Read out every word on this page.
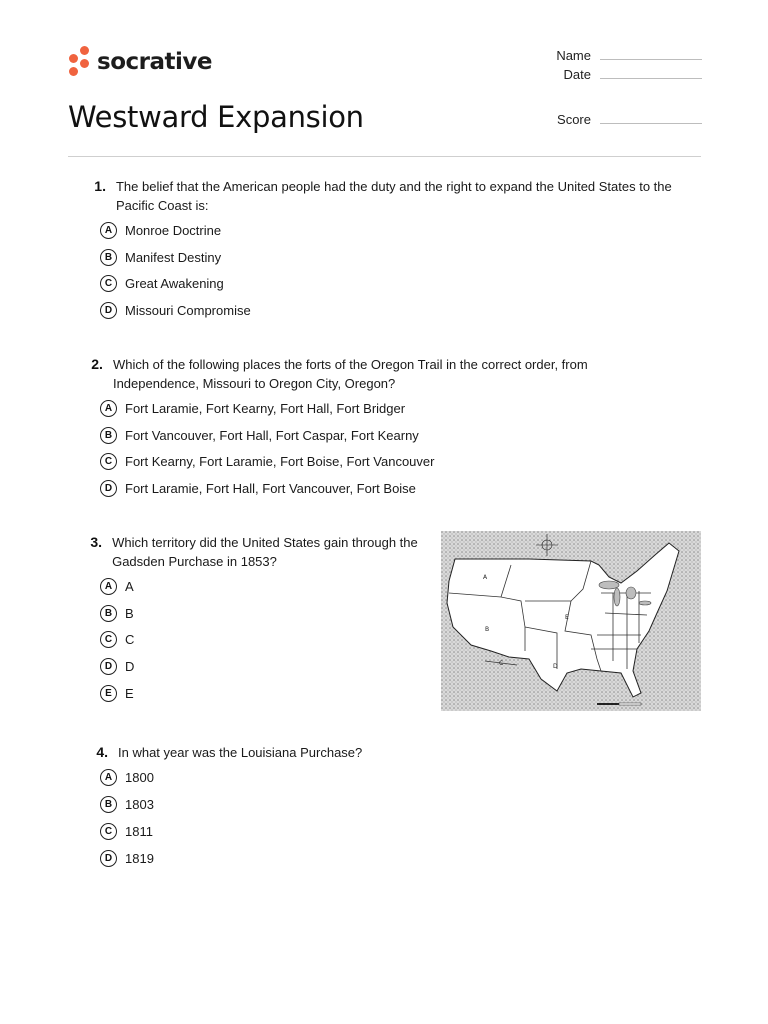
socrative	Name
Date
Score
Westward Expansion
1. The belief that the American people had the duty and the right to expand the United States to the Pacific Coast is:
A Monroe Doctrine
B Manifest Destiny
C Great Awakening
D Missouri Compromise
2. Which of the following places the forts of the Oregon Trail in the correct order, from Independence, Missouri to Oregon City, Oregon?
A Fort Laramie, Fort Kearny, Fort Hall, Fort Bridger
B Fort Vancouver, Fort Hall, Fort Caspar, Fort Kearny
C Fort Kearny, Fort Laramie, Fort Boise, Fort Vancouver
D Fort Laramie, Fort Hall, Fort Vancouver, Fort Boise
3. Which territory did the United States gain through the Gadsden Purchase in 1853?
A A
B B
C C
D D
E	E
A
B
C	D
E
4. In what year was the Louisiana Purchase?
A 1800
B 1803
C 1811
D 1819
